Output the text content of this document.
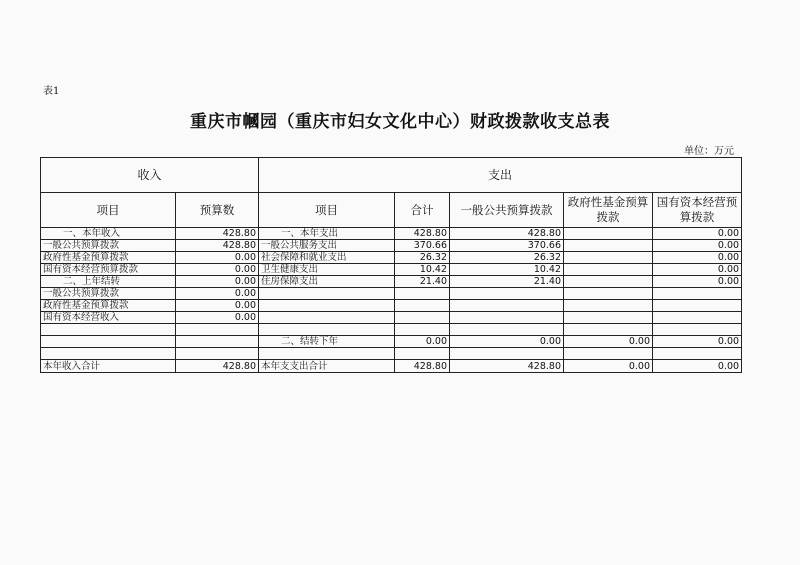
表1
重庆市幗园（重庆市妇女文化中心）财政拨款收支总表
单位：万元
收入		支出				
项目	预算数	项目	合计	一般公共预算拨款	政府性基金预算拨款	国有资本经营预算拨款
一、本年收入	428.80	一、本年支出	428.80	428.80		0.00
一般公共预算拨款	428.80	一般公共服务支出	370.66	370.66		0.00
政府性基金预算拨款	0.00	社会保障和就业支出	26.32	26.32		0.00
国有资本经营预算拨款	0.00	卫生健康支出	10.42	10.42		0.00
二、上年结转	0.00	住房保障支出	21.40	21.40		0.00
一般公共预算拨款	0.00					
政府性基金预算拨款	0.00					
国有资本经营收入	0.00					

		二、结转下年	0.00	0.00	0.00	0.00

本年收入合计	428.80	本年支支出合计	428.80	428.80	0.00	0.00
